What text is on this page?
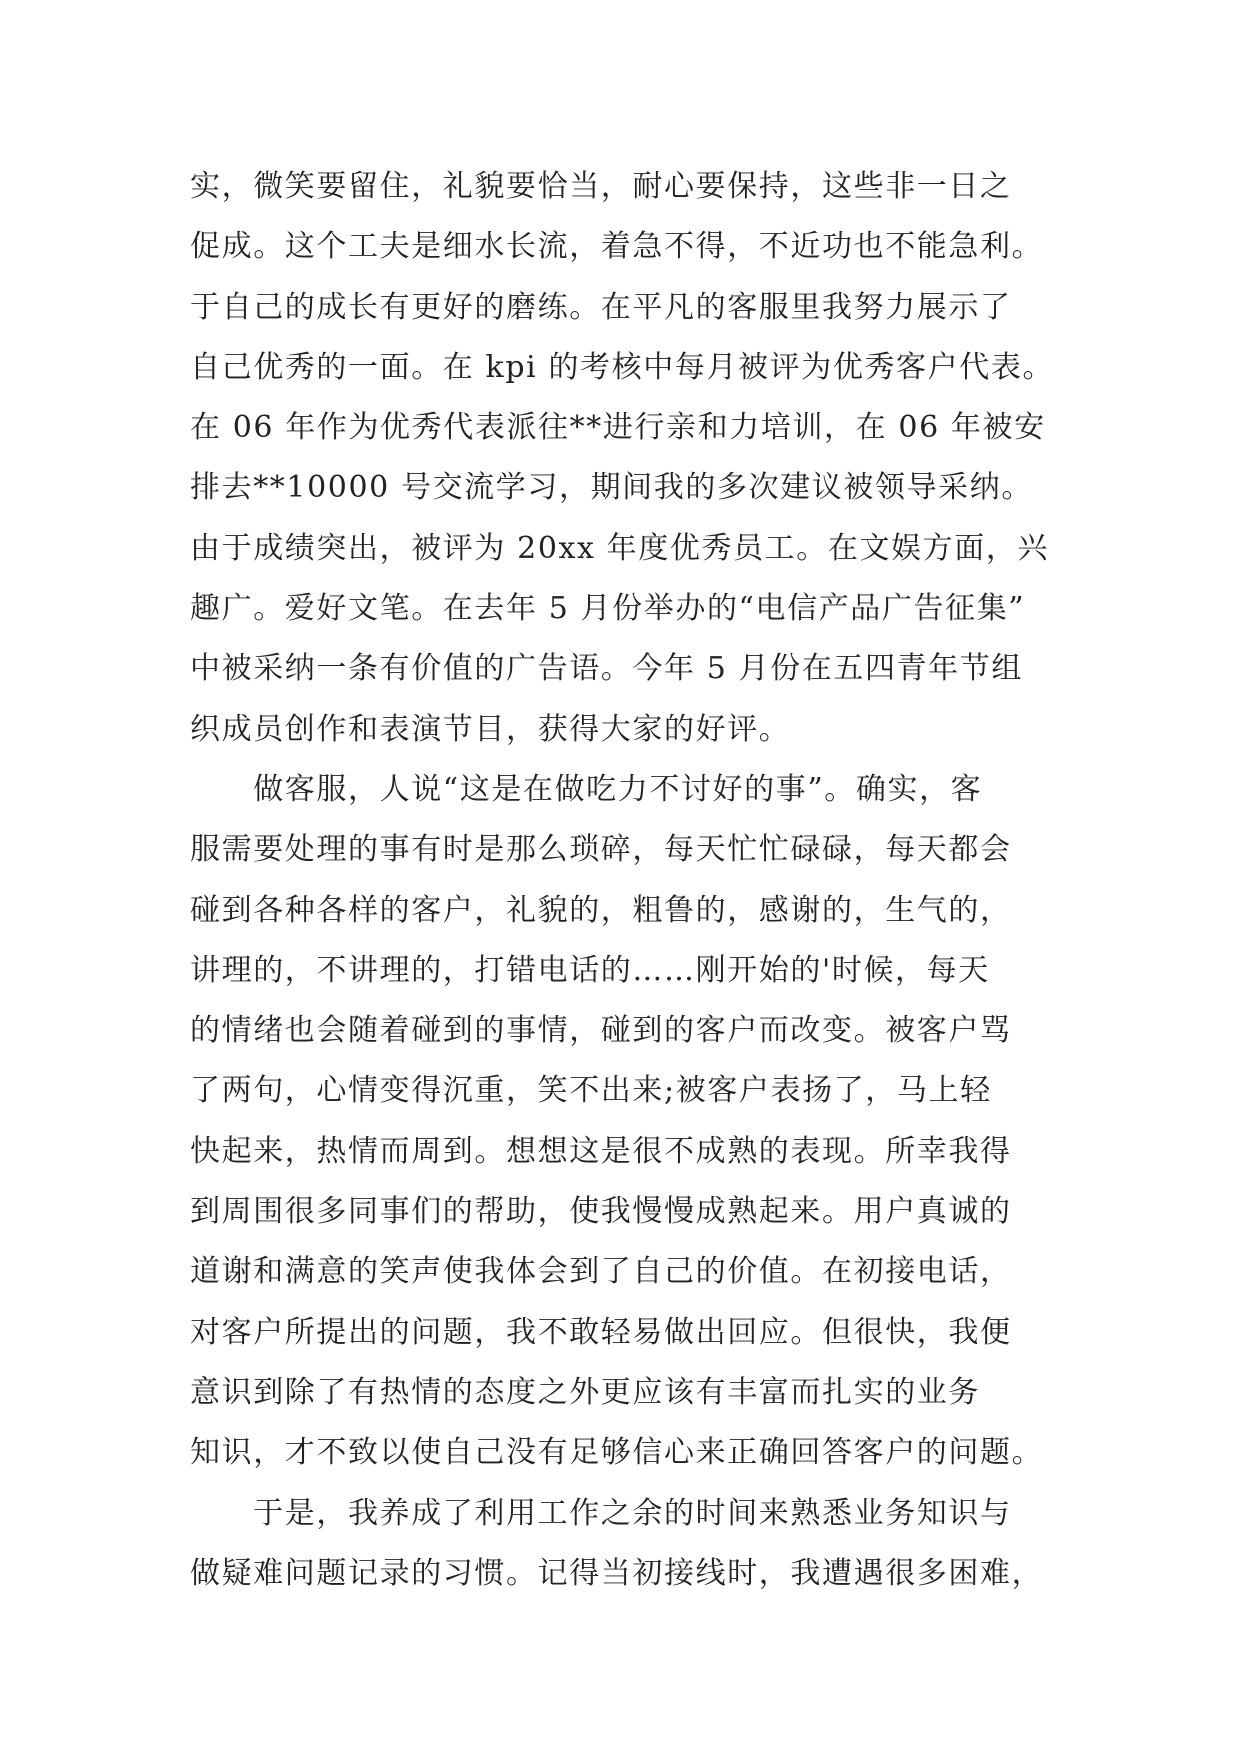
实，微笑要留住，礼貌要恰当，耐心要保持，这些非一日之
促成。这个工夫是细水长流，着急不得，不近功也不能急利。
于自己的成长有更好的磨练。在平凡的客服里我努力展示了
自己优秀的一面。在 kpi 的考核中每月被评为优秀客户代表。
在 06 年作为优秀代表派往**进行亲和力培训，在 06 年被安
排去**10000 号交流学习，期间我的多次建议被领导采纳。
由于成绩突出，被评为 20xx 年度优秀员工。在文娱方面，兴
趣广。爱好文笔。在去年 5 月份举办的“电信产品广告征集”
中被采纳一条有价值的广告语。今年 5 月份在五四青年节组
织成员创作和表演节目，获得大家的好评。
　　做客服，人说“这是在做吃力不讨好的事”。确实，客
服需要处理的事有时是那么琐碎，每天忙忙碌碌，每天都会
碰到各种各样的客户，礼貌的，粗鲁的，感谢的，生气的，
讲理的，不讲理的，打错电话的……刚开始的'时候，每天
的情绪也会随着碰到的事情，碰到的客户而改变。被客户骂
了两句，心情变得沉重，笑不出来;被客户表扬了，马上轻
快起来，热情而周到。想想这是很不成熟的表现。所幸我得
到周围很多同事们的帮助，使我慢慢成熟起来。用户真诚的
道谢和满意的笑声使我体会到了自己的价值。在初接电话，
对客户所提出的问题，我不敢轻易做出回应。但很快，我便
意识到除了有热情的态度之外更应该有丰富而扎实的业务
知识，才不致以使自己没有足够信心来正确回答客户的问题。
　　于是，我养成了利用工作之余的时间来熟悉业务知识与
做疑难问题记录的习惯。记得当初接线时，我遭遇很多困难，
